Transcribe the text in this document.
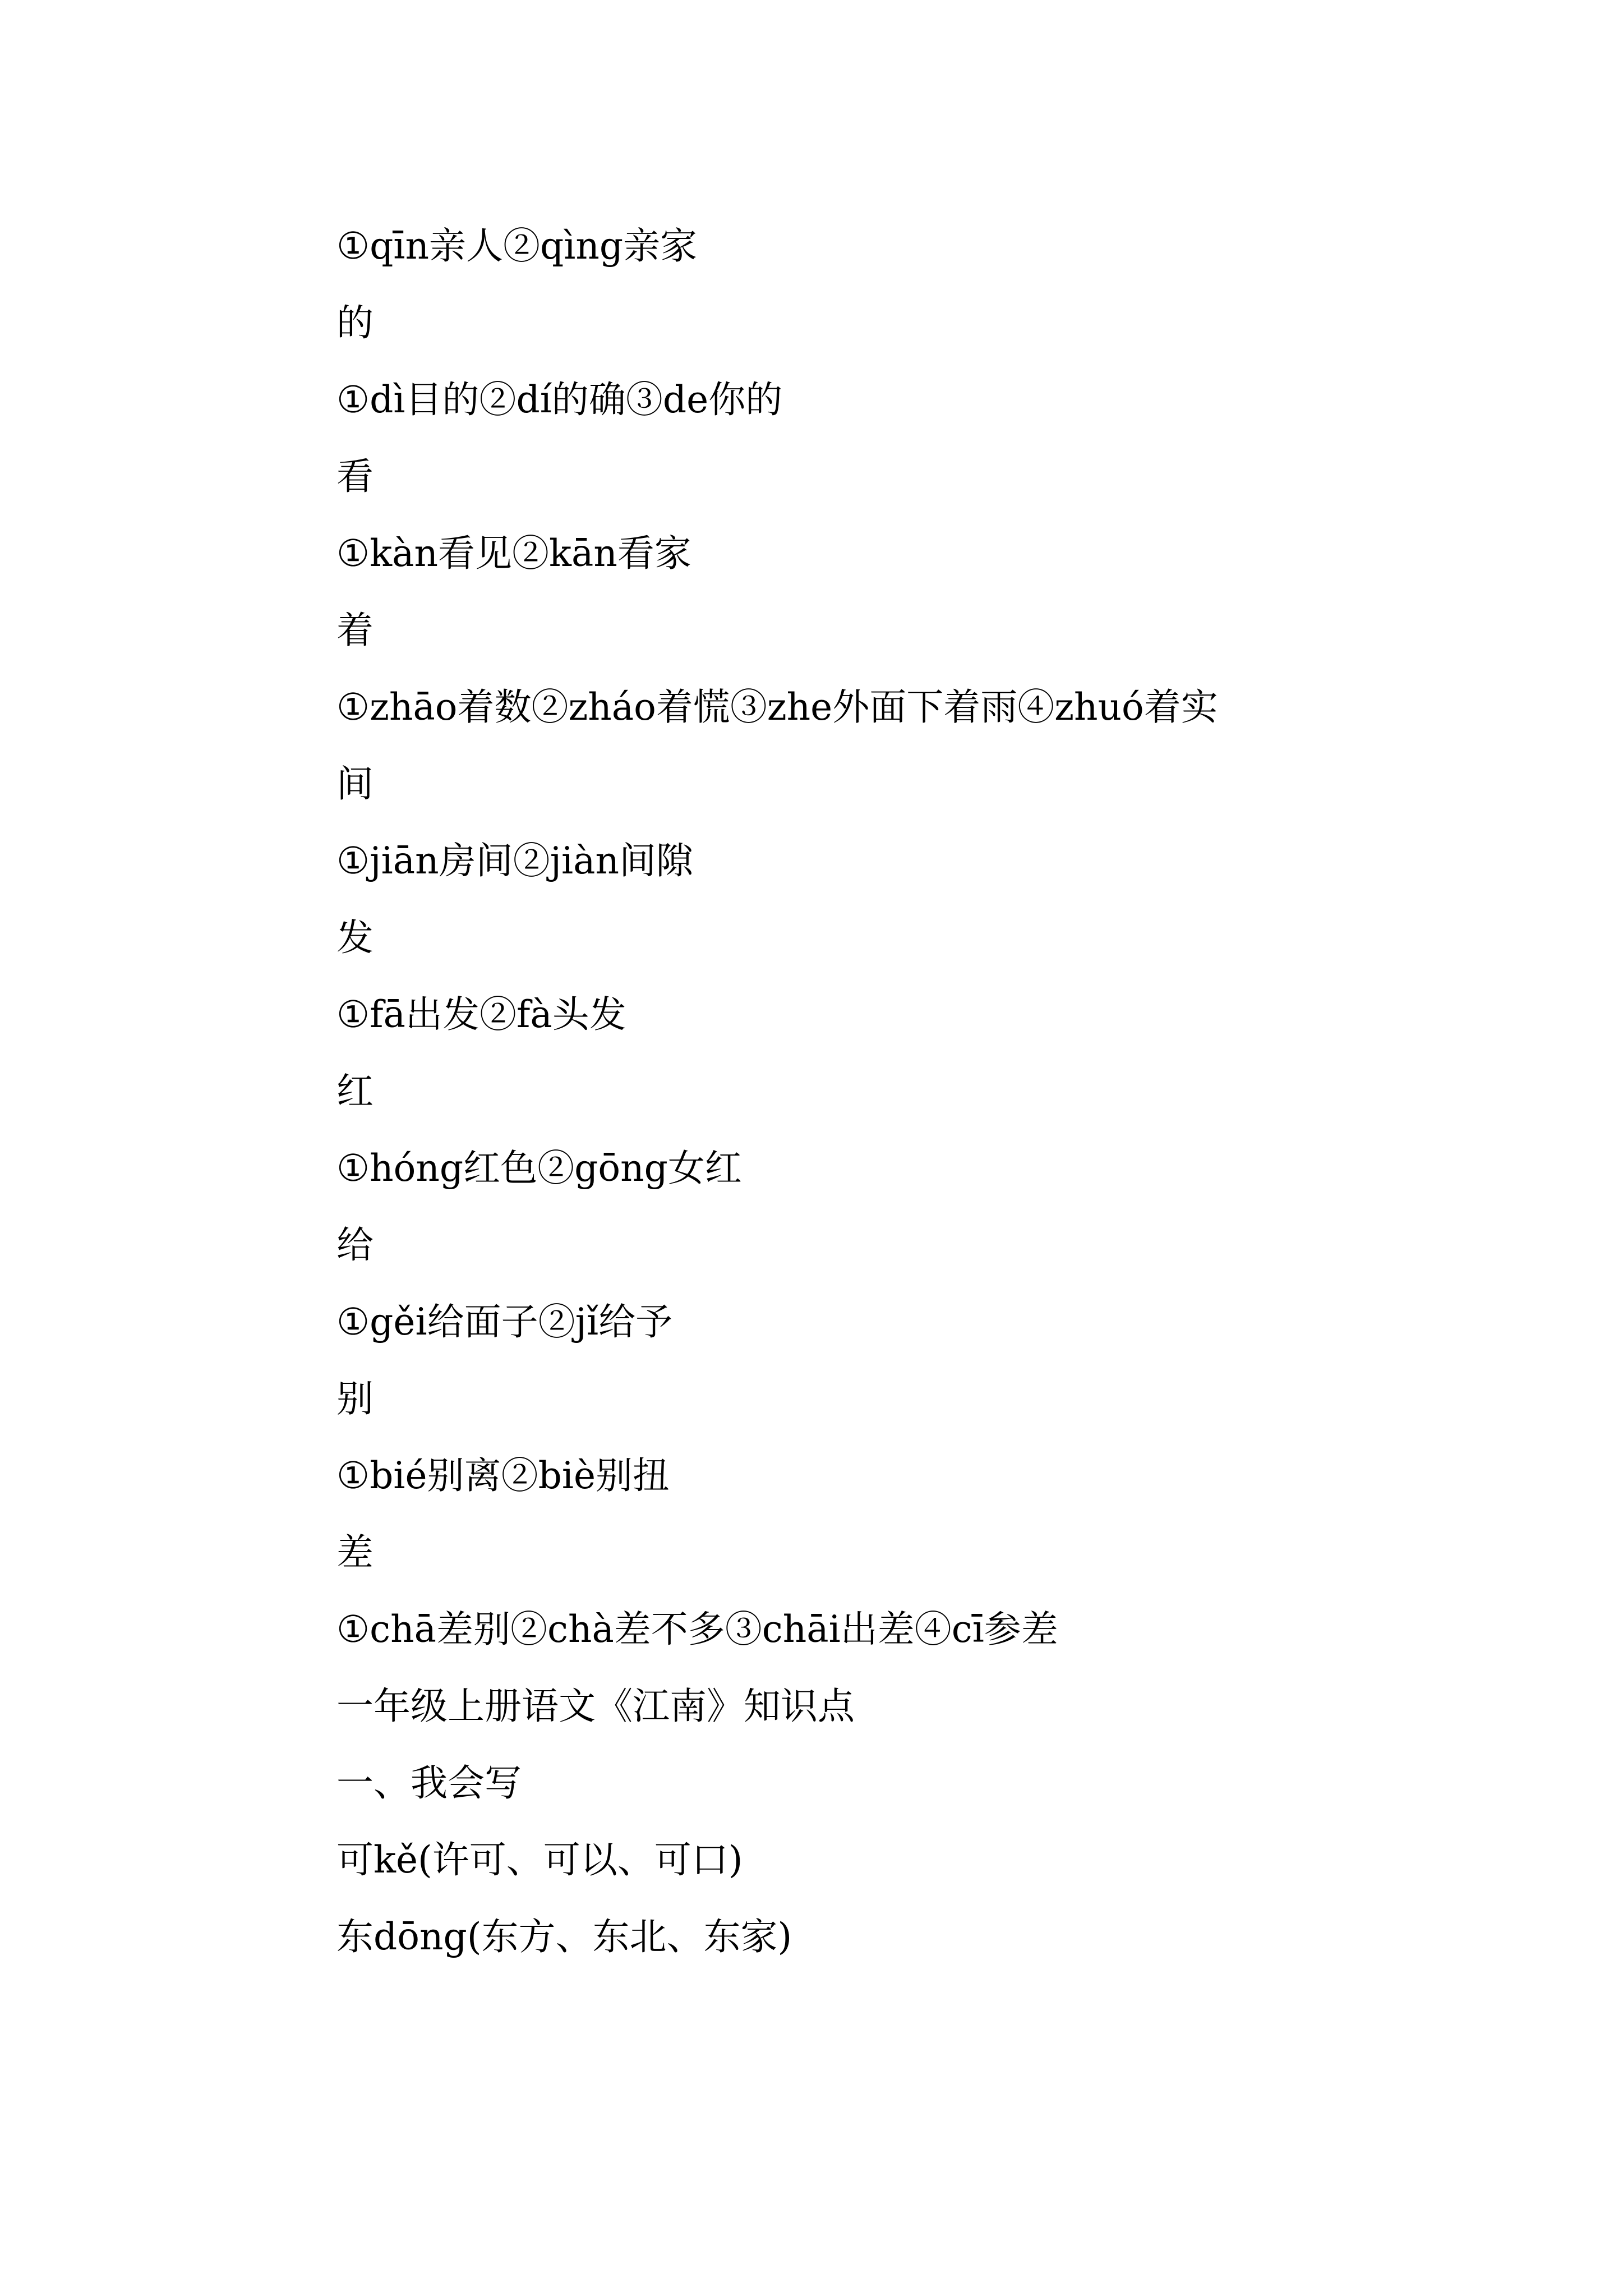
①qīn亲人②qìng亲家
的
①dì目的②dí的确③de你的
看
①kàn看见②kān看家
着
①zhāo着数②zháo着慌③zhe外面下着雨④zhuó着实
间
①jiān房间②jiàn间隙
发
①fā出发②fà头发
红
①hóng红色②gōng女红
给
①gěi给面子②jǐ给予
别
①bié别离②biè别扭
差
①chā差别②chà差不多③chāi出差④cī参差
一年级上册语文《江南》知识点
一、我会写
可kě(许可、可以、可口)
东dōng(东方、东北、东家)
